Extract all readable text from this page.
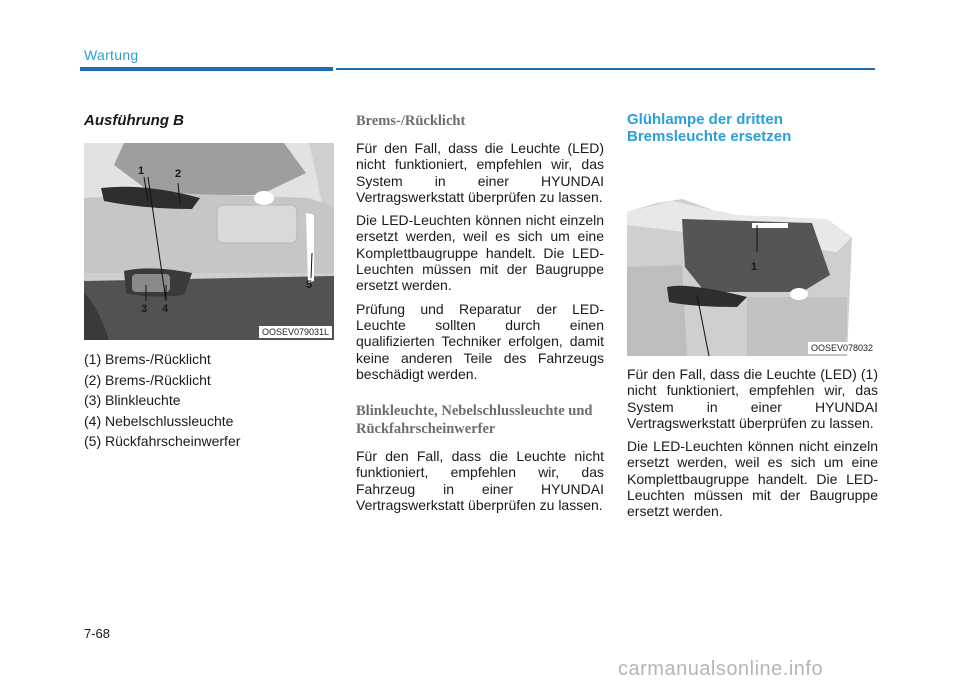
Wartung
Ausführung B
1	2
3 4
5
OOSEV079031L
(1) Brems-/Rücklicht
(2) Brems-/Rücklicht
(3) Blinkleuchte
(4) Nebelschlussleuchte
(5) Rückfahrscheinwerfer
Brems-/Rücklicht

Für den Fall, dass die Leuchte (LED) nicht funktioniert, empfehlen wir, das System in einer HYUNDAI Vertragswerkstatt überprüfen zu lassen.

Die LED-Leuchten können nicht einzeln ersetzt werden, weil es sich um eine Komplettbaugruppe handelt. Die LED-Leuchten müssen mit der Baugruppe ersetzt werden.

Prüfung und Reparatur der LED-Leuchte sollten durch einen qualifizierten Techniker erfolgen, damit keine anderen Teile des Fahrzeugs beschädigt werden.

Blinkleuchte, Nebelschlussleuchte und Rückfahrscheinwerfer

Für den Fall, dass die Leuchte nicht funktioniert, empfehlen wir, das Fahrzeug in einer HYUNDAI Vertragswerkstatt überprüfen zu lassen.

Glühlampe der dritten Bremsleuchte ersetzen
1
OOSEV078032

Für den Fall, dass die Leuchte (LED) (1) nicht funktioniert, empfehlen wir, das System in einer HYUNDAI Vertragswerkstatt überprüfen zu lassen.

Die LED-Leuchten können nicht einzeln ersetzt werden, weil es sich um eine Komplettbaugruppe handelt. Die LED-Leuchten müssen mit der Baugruppe ersetzt werden.

7-68
carmanualsonline.info
